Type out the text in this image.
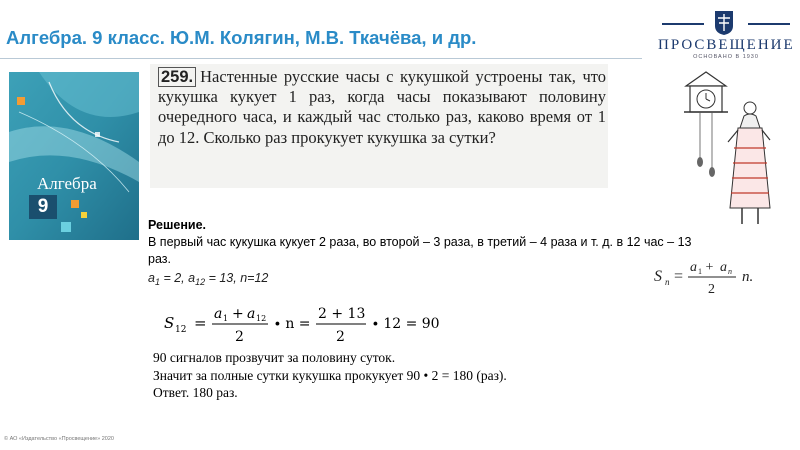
Алгебра. 9 класс. Ю.М. Колягин, М.В. Ткачёва, и др.	ПРОСВЕЩЕНИЕ
ОСНОВАНО В 1930
Алгебра
9
259. Настенные русские часы с кукушкой устроены так, что кукушка кукует 1 раз, когда часы показывают половину очередного часа, и каждый час столько раз, каково время от 1 до 12. Сколько раз прокукует кукушка за сутки?
Решение.
В первый час кукушка кукует 2 раза, во второй – 3 раза, в третий – 4 раза и т. д. в 12 час – 13 раз.
$a_1 = 2$, $a_{12} = 13$, n=12	S n =
a 1 + a n
2
n.
S 12 = a 1 + a 12
2
∙ n =
2 + 13
2
∙ 12 = 90
90 сигналов прозвучит за половину суток.
Значит за полные сутки кукушка прокукует 90 • 2 = 180 (раз).
Ответ. 180 раз.
© АО «Издательство «Просвещение» 2020
